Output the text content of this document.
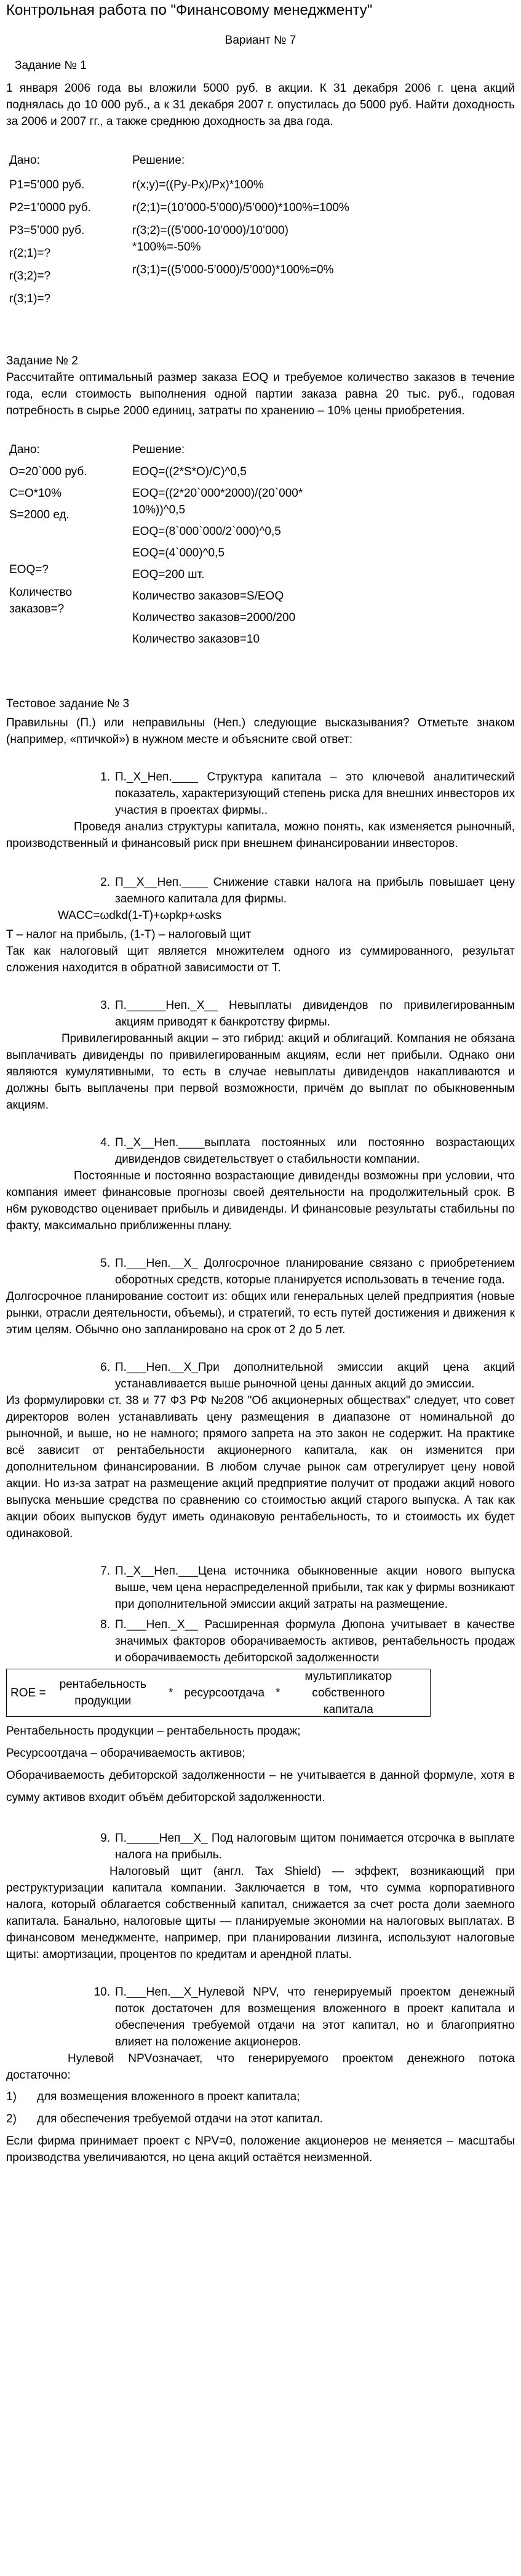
Контрольная работа по "Финансовому менеджменту"

Вариант № 7

Задание № 1

1 января 2006 года вы вложили 5000 руб. в акции. К 31 декабря 2006 г. цена акций поднялась до 10 000 руб., а к 31 декабря 2007 г. опустилась до 5000 руб. Найти доходность за 2006 и 2007 гг., а также среднюю доходность за два года.

Дано:
P1=5’000 руб.
P2=1’0000 руб.
P3=5’000 руб.
r(2;1)=?
r(3;2)=?
r(3;1)=?
Решение:
r(x;y)=((Py-Px)/Px)*100%
r(2;1)=(10’000-5’000)/5’000)*100%=100%
r(3;2)=((5’000-10’000)/10’000)
*100%=-50%
r(3;1)=((5’000-5’000)/5’000)*100%=0%

Задание № 2

Рассчитайте оптимальный размер заказа EOQ и требуемое количество заказов в течение года, если стоимость выполнения одной партии заказа равна 20 тыс. руб., годовая потребность в сырье 2000 единиц, затраты по хранению – 10% цены приобретения.

Дано:
O=20`000 руб.
C=O*10%
S=2000 ед.
EOQ=?
Количество
заказов=?
Решение:
EOQ=((2*S*O)/C)^0,5
EOQ=((2*20`000*2000)/(20`000*
10%))^0,5
EOQ=(8`000`000/2`000)^0,5
EOQ=(4`000)^0,5
EOQ=200 шт.
Количество заказов=S/EOQ
Количество заказов=2000/200
Количество заказов=10

Тестовое задание № 3

Правильны (П.) или неправильны (Неп.) следующие высказывания? Отметьте знаком (например, «птичкой») в нужном месте и объясните свой ответ:

1. П._Х_Неп.____ Структура капитала – это ключевой аналитический показатель, характеризующий степень риска для внешних инвесторов их участия в проектах фирмы..

Проведя анализ структуры капитала, можно понять, как изменяется рыночный, производственный и финансовый риск при внешнем финансировании инвесторов.

2. П__Х__Неп.____ Снижение ставки налога на прибыль повышает цену заемного капитала для фирмы.

WACC=ωdkd(1-T)+ωpkp+ωsks

T – налог на прибыль, (1-T) – налоговый щит
Так как налоговый щит является множителем одного из суммированного, результат сложения находится в обратной зависимости от Т.

3. П.______Неп._Х__ Невыплаты дивидендов по привилегированным акциям приводят к банкротству фирмы.

Привилегированный акции – это гибрид: акций и облигаций. Компания не обязана выплачивать дивиденды по привилегированным акциям, если нет прибыли. Однако они являются кумулятивными, то есть в случае невыплаты дивидендов накапливаются и должны быть выплачены при первой возможности, причём до выплат по обыкновенным акциям.

4. П._Х__Неп.____выплата постоянных или постоянно возрастающих дивидендов свидетельствует о стабильности компании.

Постоянные и постоянно возрастающие дивиденды возможны при условии, что компания имеет финансовые прогнозы своей деятельности на продолжительный срок. В н6м руководство оценивает прибыль и дивиденды. И финансовые результаты стабильны по факту, максимально приближенны плану.

5. П.___Неп.__Х_ Долгосрочное планирование связано с приобретением оборотных средств, которые планируется использовать в течение года.

Долгосрочное планирование состоит из: общих или генеральных целей предприятия (новые рынки, отрасли деятельности, объемы), и стратегий, то есть путей достижения и движения к этим целям. Обычно оно запланировано на срок от 2 до 5 лет.

6. П.___Неп.__Х_При дополнительной эмиссии акций цена акций устанавливается выше рыночной цены данных акций до эмиссии.

Из формулировки ст. 38 и 77 ФЗ РФ №208 "Об акционерных обществах" следует, что совет директоров волен устанавливать цену размещения в диапазоне от номинальной до рыночной, и выше, но не намного; прямого запрета на это закон не содержит. На практике всё зависит от рентабельности акционерного капитала, как он изменится при дополнительном финансировании. В любом случае рынок сам отрегулирует цену новой акции. Но из-за затрат на размещение акций предприятие получит от продажи акций нового выпуска меньшие средства по сравнению со стоимостью акций старого выпуска. А так как акции обоих выпусков будут иметь одинаковую рентабельность, то и стоимость их будет одинаковой.

7. П._Х__Неп.___Цена источника обыкновенные акции нового выпуска выше, чем цена нераспределенной прибыли, так как у фирмы возникают при дополнительной эмиссии акций затраты на размещение.
8. П.___Неп._Х__ Расширенная формула Дюпона учитывает в качестве значимых факторов оборачиваемость активов, рентабельность продаж и оборачиваемость дебиторской задолженности
ROE =
рентабельность
продукции
* ресурсоотдача *
мультипликатор
собственного
капитала

Рентабельность продукции – рентабельность продаж;
Ресурсоотдача – оборачиваемость активов;
Оборачиваемость дебиторской задолженности – не учитывается в данной формуле, хотя в сумму активов входит объём дебиторской задолженности.

9. П._____Неп__Х_ Под налоговым щитом понимается отсрочка в выплате налога на прибыль.

Налоговый щит (англ. Tax Shield) — эффект, возникающий при реструктуризации капитала компании. Заключается в том, что сумма корпоративного налога, который облагается собственный капитал, снижается за счет роста доли заемного капитала. Банально, налоговые щиты — планируемые экономии на налоговых выплатах. В финансовом менеджменте, например, при планировании лизинга, используют налоговые щиты: амортизации, процентов по кредитам и арендной платы.

10. П.___Неп.__Х_Нулевой NPV, что генерируемый проектом денежный поток достаточен для возмещения вложенного в проект капитала и обеспечения требуемой отдачи на этот капитал, но и благоприятно влияет на положение акционеров.

Нулевой NPVозначает, что генерируемого проектом денежного потока достаточно:

1)	для возмещения вложенного в проект капитала;
2)	для обеспечения требуемой отдачи на этот капитал.

Если фирма принимает проект с NPV=0, положение акционеров не меняется – масштабы производства увеличиваются, но цена акций остаётся неизменной.
